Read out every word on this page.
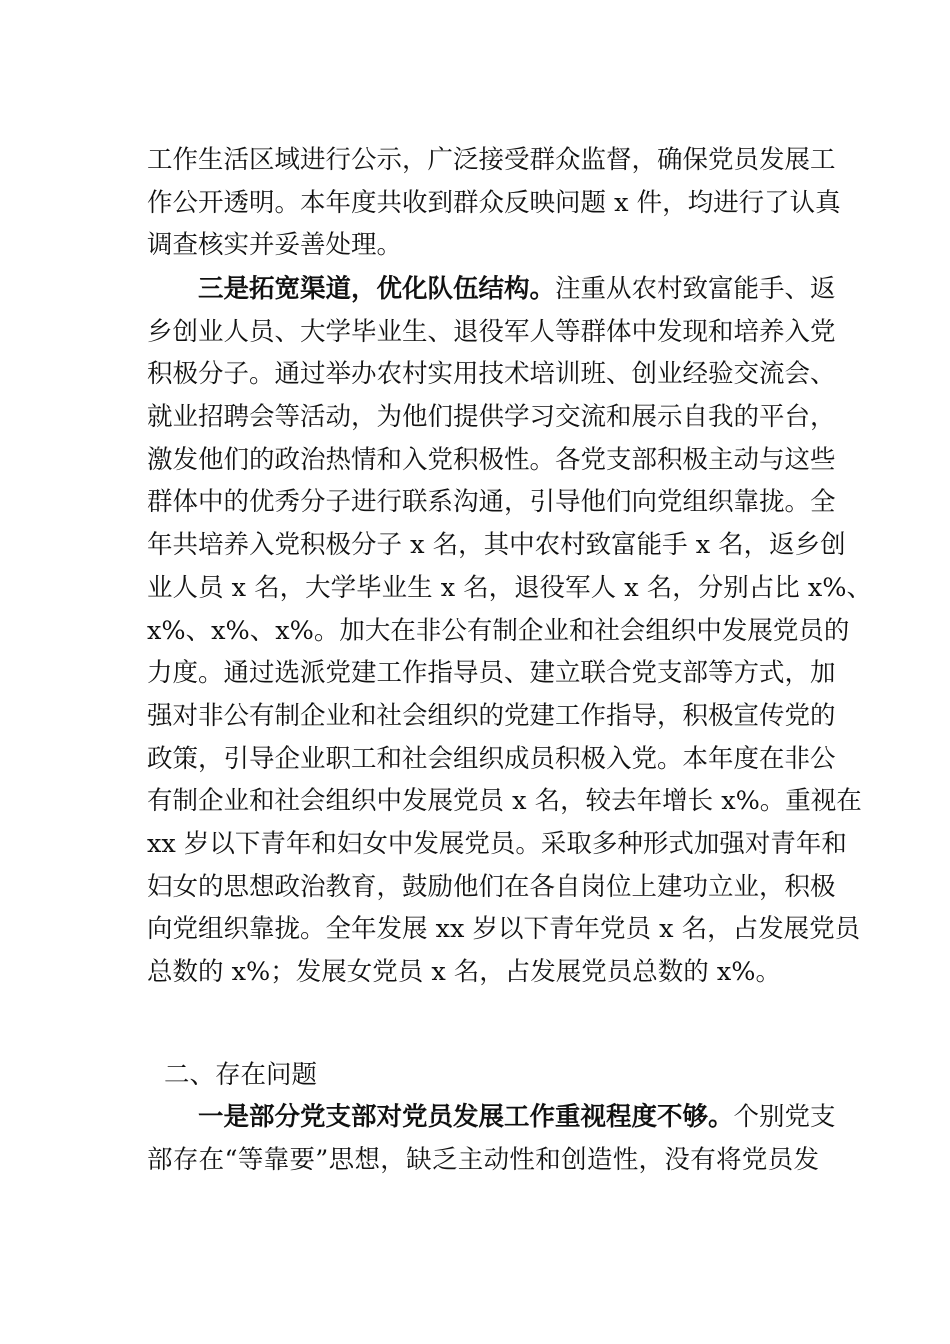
工作生活区域进行公示，广泛接受群众监督，确保党员发展工
作公开透明。本年度共收到群众反映问题 x 件，均进行了认真
调查核实并妥善处理。
三是拓宽渠道，优化队伍结构。注重从农村致富能手、返
乡创业人员、大学毕业生、退役军人等群体中发现和培养入党
积极分子。通过举办农村实用技术培训班、创业经验交流会、
就业招聘会等活动，为他们提供学习交流和展示自我的平台，
激发他们的政治热情和入党积极性。各党支部积极主动与这些
群体中的优秀分子进行联系沟通，引导他们向党组织靠拢。全
年共培养入党积极分子 x 名，其中农村致富能手 x 名，返乡创
业人员 x 名，大学毕业生 x 名，退役军人 x 名，分别占比 x%、
x%、x%、x%。加大在非公有制企业和社会组织中发展党员的
力度。通过选派党建工作指导员、建立联合党支部等方式，加
强对非公有制企业和社会组织的党建工作指导，积极宣传党的
政策，引导企业职工和社会组织成员积极入党。本年度在非公
有制企业和社会组织中发展党员 x 名，较去年增长 x%。重视在
xx 岁以下青年和妇女中发展党员。采取多种形式加强对青年和
妇女的思想政治教育，鼓励他们在各自岗位上建功立业，积极
向党组织靠拢。全年发展 xx 岁以下青年党员 x 名，占发展党员
总数的 x%；发展女党员 x 名，占发展党员总数的 x%。
二、存在问题
一是部分党支部对党员发展工作重视程度不够。个别党支
部存在“等靠要”思想，缺乏主动性和创造性，没有将党员发
